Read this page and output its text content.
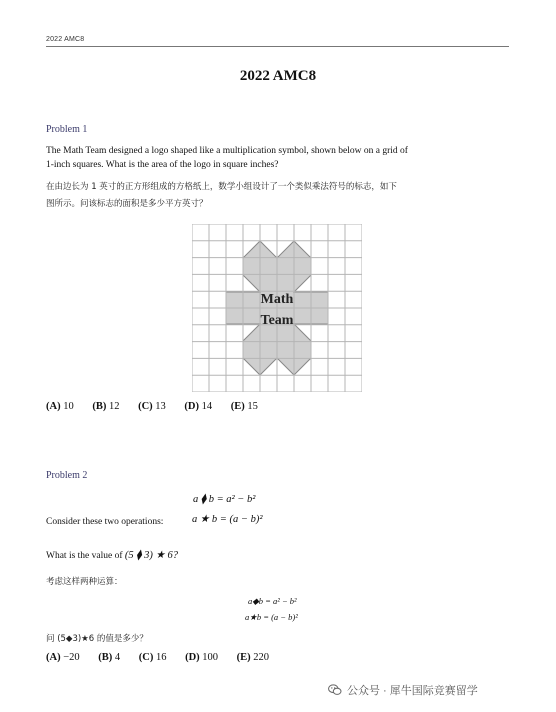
2022 AMC8
2022 AMC8
Problem 1
The Math Team designed a logo shaped like a multiplication symbol, shown below on a grid of
1-inch squares. What is the area of the logo in square inches?
在由边长为 1 英寸的正方形组成的方格纸上，数学小组设计了一个类似乘法符号的标志，如下
图所示。问该标志的面积是多少平方英寸？
Math
Team
(A) 10 (B) 12 (C) 13 (D) 14 (E) 15
Problem 2
a ⧫ b = a² − b²
Consider these two operations:	a ★ b = (a − b)²
What is the value of (5 ⧫ 3) ★ 6?
考虑这样两种运算：
a◆b = a² − b²
a★b = (a − b)²
问 (5◆3)★6 的值是多少？
(A) −20 (B) 4 (C) 16 (D) 100 (E) 220
公众号 · 犀牛国际竞赛留学
